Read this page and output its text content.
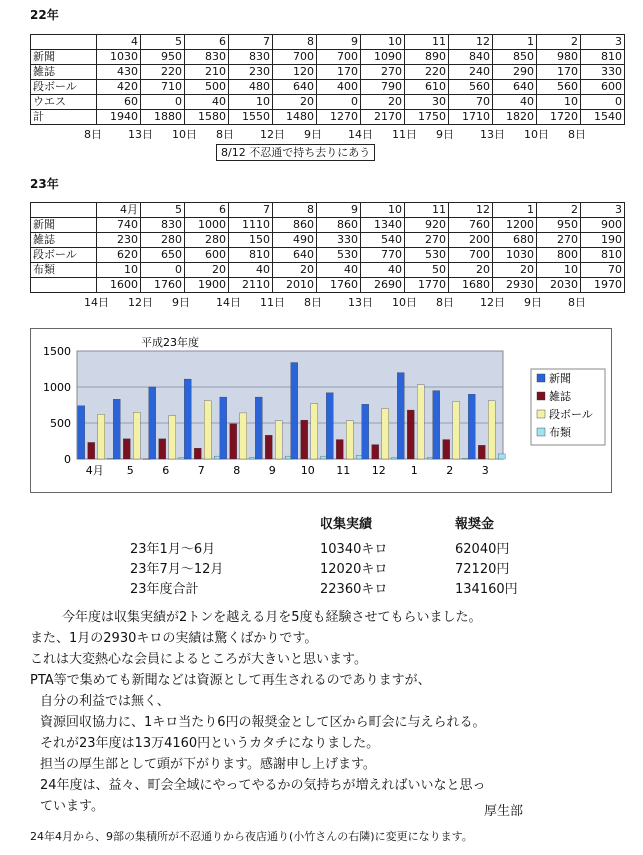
22年
	4	5	6	7	8	9	10	11	12	1	2	3
新聞	1030	950	830	830	700	700	1090	890	840	850	980	810
雑誌	430	220	210	230	120	170	270	220	240	290	170	330
段ボール	420	710	500	480	640	400	790	610	560	640	560	600
ウエス	60	0	40	10	20	0	20	30	70	40	10	0
計	1940	1880	1580	1550	1480	1270	2170	1750	1710	1820	1720	1540
8日 13日 10日 8日 12日 9日 14日 11日 9日 13日 10日 8日
8/12 不忍通で持ち去りにあう
23年
	4月	5	6	7	8	9	10	11	12	1	2	3
新聞	740	830	1000	1110	860	860	1340	920	760	1200	950	900
雑誌	230	280	280	150	490	330	540	270	200	680	270	190
段ボール	620	650	600	810	640	530	770	530	700	1030	800	810
布類	10	0	20	40	20	40	40	50	20	20	10	70
	1600	1760	1900	2110	2010	1760	2690	1770	1680	2930	2030	1970
14日 12日 9日 14日 11日 8日 13日 10日 8日 12日 9日 8日
0
500
1000
1500
4月 5	6	7	8	9 10 11 12 1	2	3
平成23年度
新聞
雑誌
段ボール
布類
収集実績	報奨金
23年1月～6月	10340キロ	62040円
23年7月～12月	12020キロ	72120円
23年度合計	22360キロ	134160円
今年度は収集実績が2トンを越える月を5度も経験させてもらいました。
また、1月の2930キロの実績は驚くばかりです。
これは大変熱心な会員によるところが大きいと思います。
PTA等で集めても新聞などは資源として再生されるのでありますが、
自分の利益では無く、
資源回収協力に、1キロ当たり6円の報奨金として区から町会に与えられる。
それが23年度は13万4160円というカタチになりました。
担当の厚生部として頭が下がります。感謝申し上げます。
24年度は、益々、町会全域にやってやるかの気持ちが増えればいいなと思っ
ています。	厚生部
24年4月から、9部の集積所が不忍通りから夜店通り(小竹さんの右隣)に変更になります。
